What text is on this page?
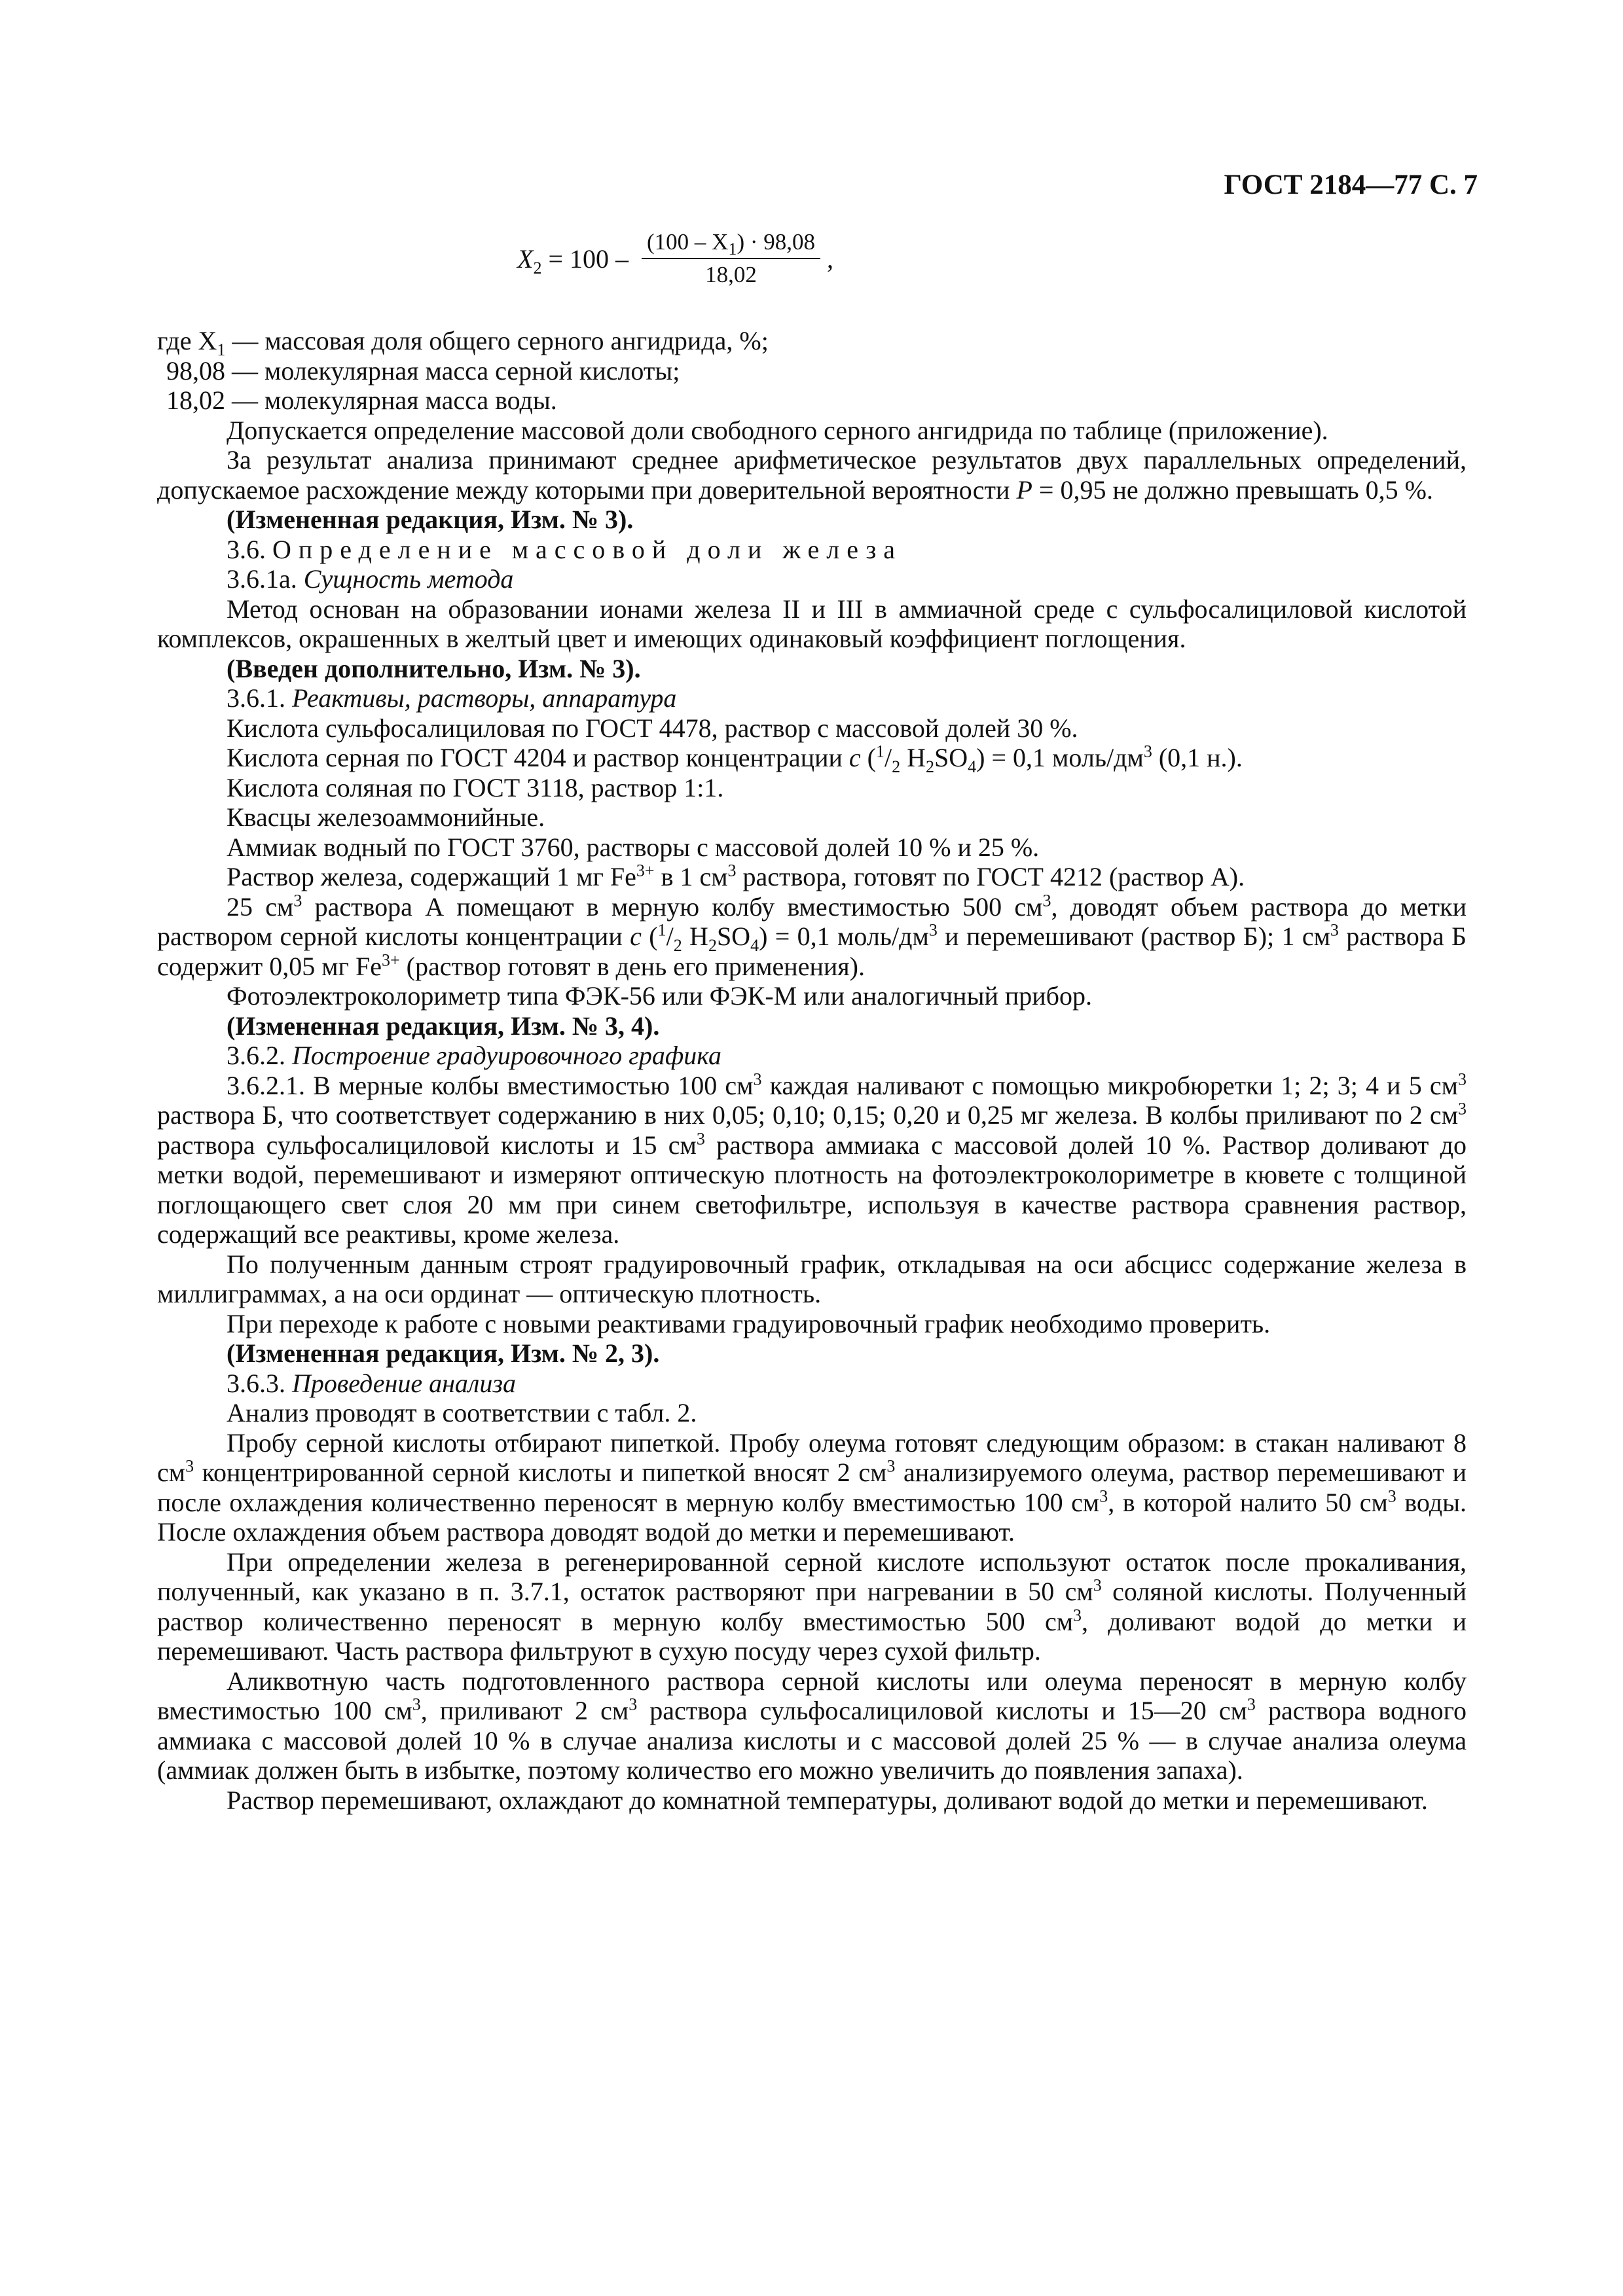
ГОСТ 2184—77 С. 7
$X_2 = 100 - \frac{(100 - X_1) \cdot 98,08}{18,02}$ ,
где $X_1$ — массовая доля общего серного ангидрида, %;
98,08 — молекулярная масса серной кислоты;
18,02 — молекулярная масса воды.

Допускается определение массовой доли свободного серного ангидрида по таблице (приложение).

За результат анализа принимают среднее арифметическое результатов двух параллельных определений, допускаемое расхождение между которыми при доверительной вероятности P = 0,95 не должно превышать 0,5 %.

(Измененная редакция, Изм. № 3).

3.6. Определение массовой доли железа

3.6.1а. Сущность метода

Метод основан на образовании ионами железа II и III в аммиачной среде с сульфосалициловой кислотой комплексов, окрашенных в желтый цвет и имеющих одинаковый коэффициент поглощения.

(Введен дополнительно, Изм. № 3).

3.6.1. Реактивы, растворы, аппаратура

Кислота сульфосалициловая по ГОСТ 4478, раствор с массовой долей 30 %.

Кислота серная по ГОСТ 4204 и раствор концентрации c ($^1/_2$ $H_2SO_4) = 0,1$ моль/$дм^3$ (0,1 н.).

Кислота соляная по ГОСТ 3118, раствор 1:1.

Квасцы железоаммонийные.

Аммиак водный по ГОСТ 3760, растворы с массовой долей 10 % и 25 %.

Раствор железа, содержащий 1 мг $Fe^{3+}$ в 1 $см^3$ раствора, готовят по ГОСТ 4212 (раствор А).

25 $см^3$ раствора А помещают в мерную колбу вместимостью 500 $см^3$, доводят объем раствора до метки раствором серной кислоты концентрации c ($^1/_2$ $H_2SO_4) = 0,1$ моль/$дм^3$ и перемешивают (раствор Б); 1 $см^3$ раствора Б содержит 0,05 мг $Fe^{3+}$ (раствор готовят в день его применения).

Фотоэлектроколориметр типа ФЭК-56 или ФЭК-М или аналогичный прибор.

(Измененная редакция, Изм. № 3, 4).

3.6.2. Построение градуировочного графика

3.6.2.1. В мерные колбы вместимостью 100 $см^3$ каждая наливают с помощью микробюретки 1; 2; 3; 4 и 5 $см^3$ раствора Б, что соответствует содержанию в них 0,05; 0,10; 0,15; 0,20 и 0,25 мг железа. В колбы приливают по 2 $см^3$ раствора сульфосалициловой кислоты и 15 $см^3$ раствора аммиака с массовой долей 10 %. Раствор доливают до метки водой, перемешивают и измеряют оптическую плотность на фотоэлектроколориметре в кювете с толщиной поглощающего свет слоя 20 мм при синем светофильтре, используя в качестве раствора сравнения раствор, содержащий все реактивы, кроме железа.

По полученным данным строят градуировочный график, откладывая на оси абсцисс содержание железа в миллиграммах, а на оси ординат — оптическую плотность.

При переходе к работе с новыми реактивами градуировочный график необходимо проверить.

(Измененная редакция, Изм. № 2, 3).

3.6.3. Проведение анализа

Анализ проводят в соответствии с табл. 2.

Пробу серной кислоты отбирают пипеткой. Пробу олеума готовят следующим образом: в стакан наливают 8 $см^3$ концентрированной серной кислоты и пипеткой вносят 2 $см^3$ анализируемого олеума, раствор перемешивают и после охлаждения количественно переносят в мерную колбу вместимостью 100 $см^3$, в которой налито 50 $см^3$ воды. После охлаждения объем раствора доводят водой до метки и перемешивают.

При определении железа в регенерированной серной кислоте используют остаток после прокаливания, полученный, как указано в п. 3.7.1, остаток растворяют при нагревании в 50 $см^3$ соляной кислоты. Полученный раствор количественно переносят в мерную колбу вместимостью 500 $см^3$, доливают водой до метки и перемешивают. Часть раствора фильтруют в сухую посуду через сухой фильтр.

Аликвотную часть подготовленного раствора серной кислоты или олеума переносят в мерную колбу вместимостью 100 $см^3$, приливают 2 $см^3$ раствора сульфосалициловой кислоты и 15—20 $см^3$ раствора водного аммиака с массовой долей 10 % в случае анализа кислоты и с массовой долей 25 % — в случае анализа олеума (аммиак должен быть в избытке, поэтому количество его можно увеличить до появления запаха).

Раствор перемешивают, охлаждают до комнатной температуры, доливают водой до метки и перемешивают.
